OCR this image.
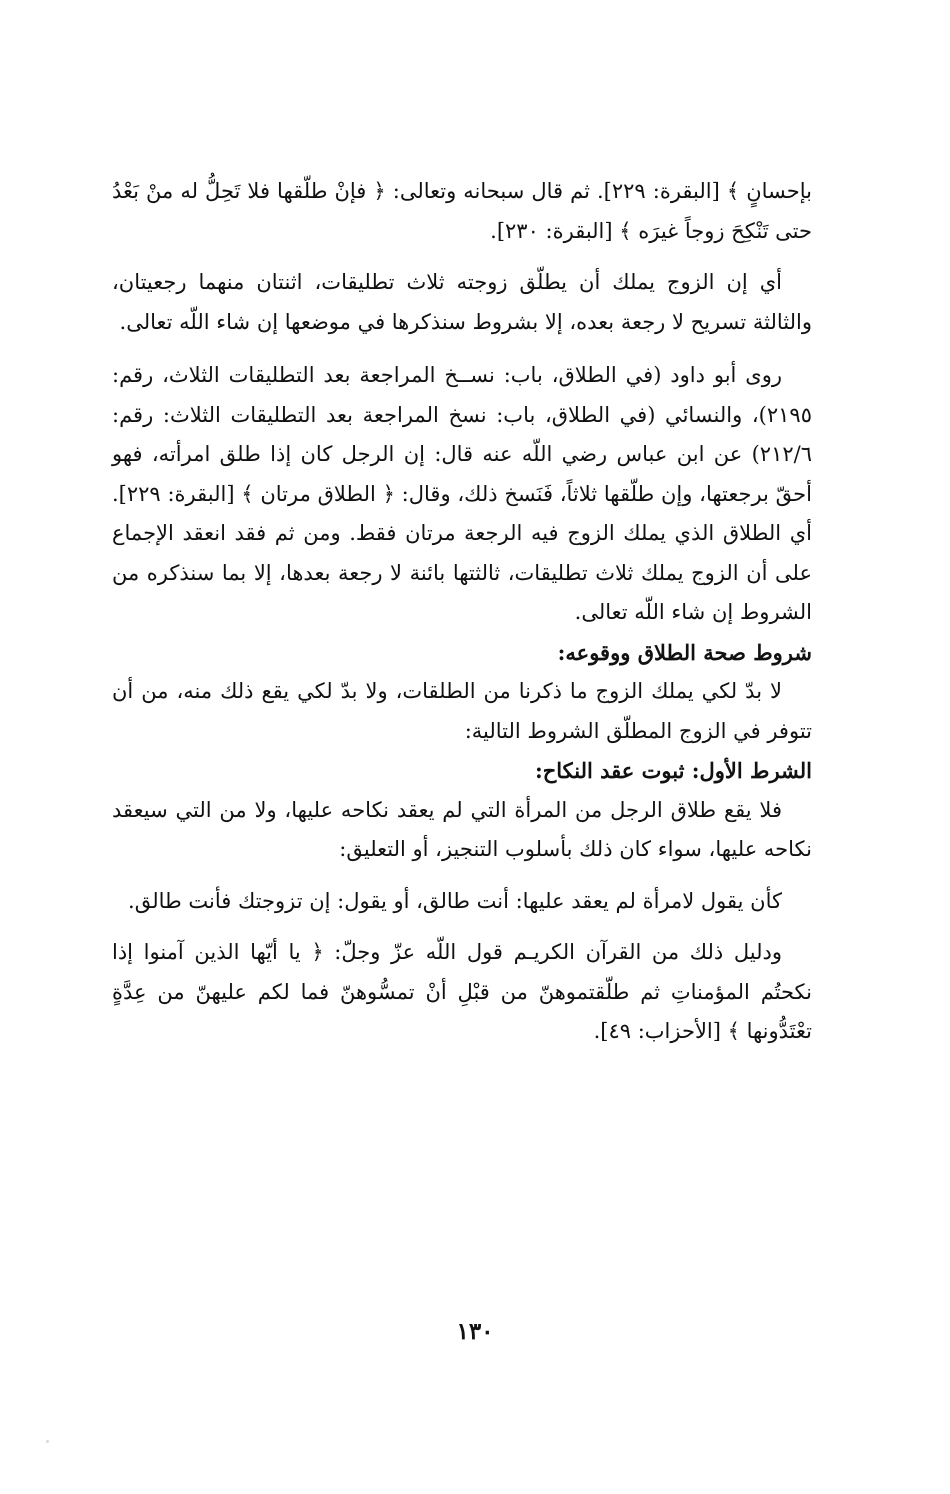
بإحسانٍ ﴾ [البقرة: ٢٢٩]. ثم قال سبحانه وتعالى: ﴿ فإنْ طلّقها فلا تَحِلُّ له منْ بَعْدُ حتى تَنْكِحَ زوجاً غيرَه ﴾ [البقرة: ٢٣٠].

أي إن الزوج يملك أن يطلّق زوجته ثلاث تطليقات، اثنتان منهما رجعيتان، والثالثة تسريح لا رجعة بعده، إلا بشروط سنذكرها في موضعها إن شاء اللّه تعالى.

روى أبو داود (في الطلاق، باب: نســخ المراجعة بعد التطليقات الثلاث، رقم: ٢١٩٥)، والنسائي (في الطلاق، باب: نسخ المراجعة بعد التطليقات الثلاث: رقم: ٢١٢/٦) عن ابن عباس رضي اللّه عنه قال: إن الرجل كان إذا طلق امرأته، فهو أحقّ برجعتها، وإن طلّقها ثلاثاً، فَنَسخ ذلك، وقال: ﴿ الطلاق مرتان ﴾ [البقرة: ٢٢٩]. أي الطلاق الذي يملك الزوج فيه الرجعة مرتان فقط. ومن ثم فقد انعقد الإجماع على أن الزوج يملك ثلاث تطليقات، ثالثتها بائنة لا رجعة بعدها، إلا بما سنذكره من الشروط إن شاء اللّه تعالى.

شروط صحة الطلاق ووقوعه:

لا بدّ لكي يملك الزوج ما ذكرنا من الطلقات، ولا بدّ لكي يقع ذلك منه، من أن تتوفر في الزوج المطلّق الشروط التالية:

الشرط الأول: ثبوت عقد النكاح:

فلا يقع طلاق الرجل من المرأة التي لم يعقد نكاحه عليها، ولا من التي سيعقد نكاحه عليها، سواء كان ذلك بأسلوب التنجيز، أو التعليق:

كأن يقول لامرأة لم يعقد عليها: أنت طالق، أو يقول: إن تزوجتك فأنت طالق.

ودليل ذلك من القرآن الكريـم قول اللّه عزّ وجلّ: ﴿ يا أيّها الذين آمنوا إذا نكحتُم المؤمناتِ ثم طلّقتموهنّ من قبْلِ أنْ تمسُّوهنّ فما لكم عليهنّ من عِدَّةٍ تعْتَدُّونها ﴾ [الأحزاب: ٤٩].

١٣٠
